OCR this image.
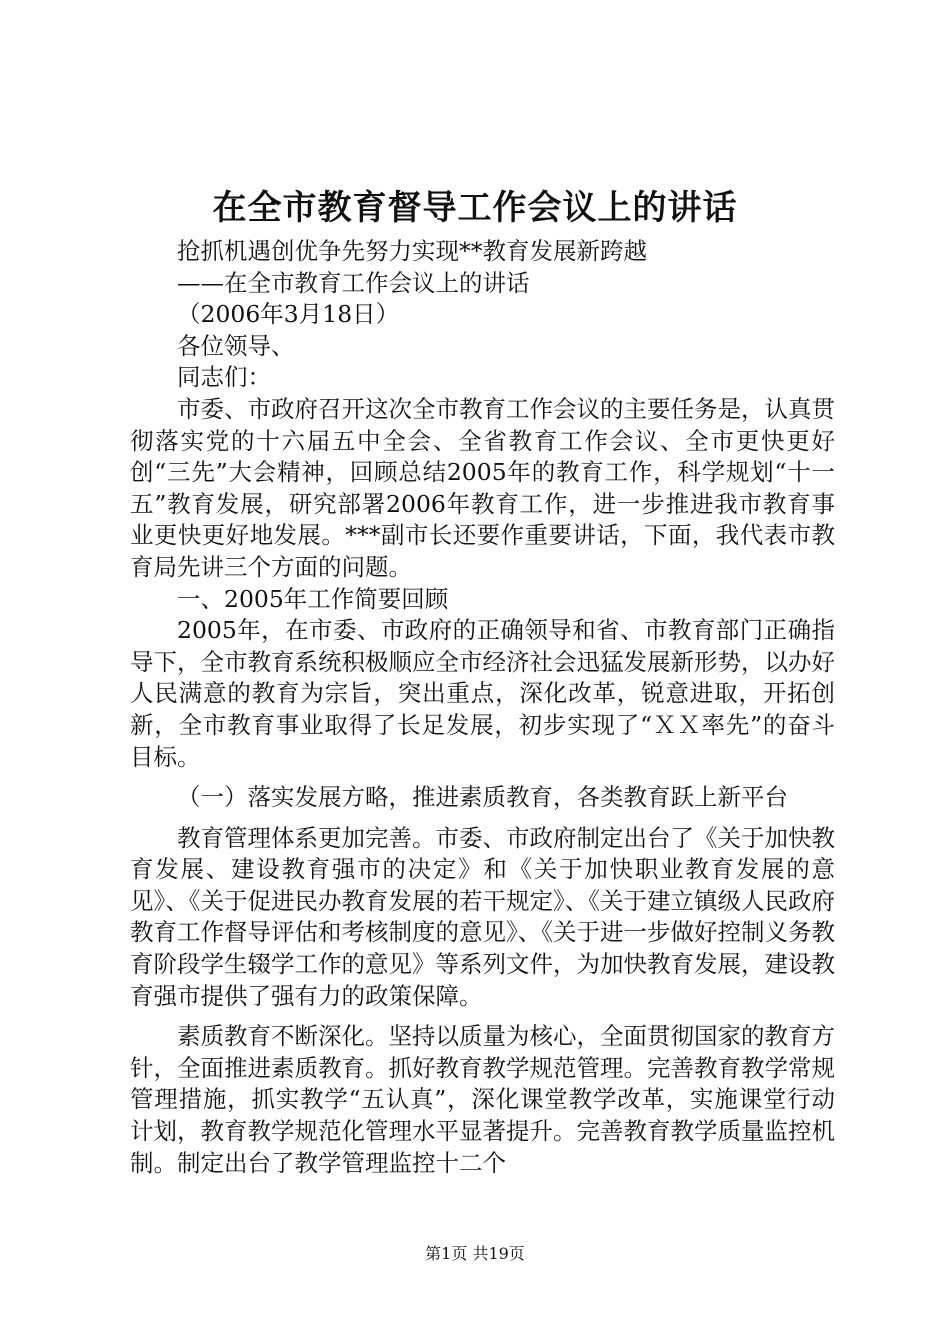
在全市教育督导工作会议上的讲话
抢抓机遇创优争先努力实现**教育发展新跨越
——在全市教育工作会议上的讲话
（2006年3月18日）
各位领导、
同志们：

市委、市政府召开这次全市教育工作会议的主要任务是，认真贯彻落实党的十六届五中全会、全省教育工作会议、全市更快更好创“三先”大会精神，回顾总结2005年的教育工作，科学规划“十一五”教育发展，研究部署2006年教育工作，进一步推进我市教育事业更快更好地发展。***副市长还要作重要讲话，下面，我代表市教育局先讲三个方面的问题。

一、2005年工作简要回顾

2005年，在市委、市政府的正确领导和省、市教育部门正确指导下，全市教育系统积极顺应全市经济社会迅猛发展新形势，以办好人民满意的教育为宗旨，突出重点，深化改革，锐意进取，开拓创新，全市教育事业取得了长足发展，初步实现了“ＸＸ率先”的奋斗目标。

（一）落实发展方略，推进素质教育，各类教育跃上新平台

教育管理体系更加完善。市委、市政府制定出台了《关于加快教育发展、建设教育强市的决定》和《关于加快职业教育发展的意见》、《关于促进民办教育发展的若干规定》、《关于建立镇级人民政府教育工作督导评估和考核制度的意见》、《关于进一步做好控制义务教育阶段学生辍学工作的意见》等系列文件，为加快教育发展，建设教育强市提供了强有力的政策保障。

素质教育不断深化。坚持以质量为核心，全面贯彻国家的教育方针，全面推进素质教育。抓好教育教学规范管理。完善教育教学常规管理措施，抓实教学“五认真”，深化课堂教学改革，实施课堂行动计划，教育教学规范化管理水平显著提升。完善教育教学质量监控机制。制定出台了教学管理监控十二个

第1页 共19页
